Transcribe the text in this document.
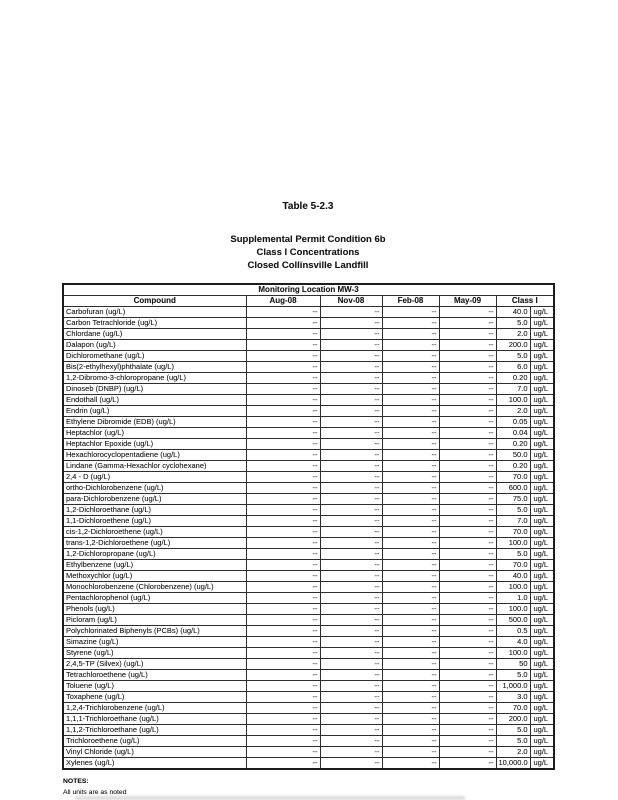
Table 5-2.3
Supplemental Permit Condition 6b
Class I Concentrations
Closed Collinsville Landfill
Monitoring Location MW-3						
Compound	Aug-08	Nov-08	Feb-08	May-09	Class I	
Carbofuran (ug/L)	--	--	--	--	40.0	ug/L
Carbon Tetrachloride (ug/L)	--	--	--	--	5.0	ug/L
Chlordane (ug/L)	--	--	--	--	2.0	ug/L
Dalapon (ug/L)	--	--	--	--	200.0	ug/L
Dichloromethane (ug/L)	--	--	--	--	5.0	ug/L
Bis(2-ethylhexyl)phthalate (ug/L)	--	--	--	--	6.0	ug/L
1,2-Dibromo-3-chloropropane (ug/L)	--	--	--	--	0.20	ug/L
Dinoseb (DNBP) (ug/L)	--	--	--	--	7.0	ug/L
Endothall (ug/L)	--	--	--	--	100.0	ug/L
Endrin (ug/L)	--	--	--	--	2.0	ug/L
Ethylene Dibromide (EDB) (ug/L)	--	--	--	--	0.05	ug/L
Heptachlor (ug/L)	--	--	--	--	0.04	ug/L
Heptachlor Epoxide (ug/L)	--	--	--	--	0.20	ug/L
Hexachlorocyclopentadiene (ug/L)	--	--	--	--	50.0	ug/L
Lindane (Gamma-Hexachlor cyclohexane)	--	--	--	--	0.20	ug/L
2,4 - D (ug/L)	--	--	--	--	70.0	ug/L
ortho-Dichlorobenzene (ug/L)	--	--	--	--	600.0	ug/L
para-Dichlorobenzene (ug/L)	--	--	--	--	75.0	ug/L
1,2-Dichloroethane (ug/L)	--	--	--	--	5.0	ug/L
1,1-Dichloroethene (ug/L)	--	--	--	--	7.0	ug/L
cis-1,2-Dichloroethene (ug/L)	--	--	--	--	70.0	ug/L
trans-1,2-Dichloroethene (ug/L)	--	--	--	--	100.0	ug/L
1,2-Dichloropropane (ug/L)	--	--	--	--	5.0	ug/L
Ethylbenzene (ug/L)	--	--	--	--	70.0	ug/L
Methoxychlor (ug/L)	--	--	--	--	40.0	ug/L
Monochlorobenzene (Chlorobenzene) (ug/L)	--	--	--	--	100.0	ug/L
Pentachlorophenol (ug/L)	--	--	--	--	1.0	ug/L
Phenols (ug/L)	--	--	--	--	100.0	ug/L
Picloram (ug/L)	--	--	--	--	500.0	ug/L
Polychlorinated Biphenyls (PCBs) (ug/L)	--	--	--	--	0.5	ug/L
Simazine (ug/L)	--	--	--	--	4.0	ug/L
Styrene (ug/L)	--	--	--	--	100.0	ug/L
2,4,5-TP (Silvex) (ug/L)	--	--	--	--	50	ug/L
Tetrachloroethene (ug/L)	--	--	--	--	5.0	ug/L
Toluene (ug/L)	--	--	--	--	1,000.0	ug/L
Toxaphene (ug/L)	--	--	--	--	3.0	ug/L
1,2,4-Trichlorobenzene (ug/L)	--	--	--	--	70.0	ug/L
1,1,1-Trichloroethane (ug/L)	--	--	--	--	200.0	ug/L
1,1,2-Trichloroethane (ug/L)	--	--	--	--	5.0	ug/L
Trichloroethene (ug/L)	--	--	--	--	5.0	ug/L
Vinyl Chloride (ug/L)	--	--	--	--	2.0	ug/L
Xylenes (ug/L)	--	--	--	--	10,000.0	ug/L
NOTES:
All units are as noted
